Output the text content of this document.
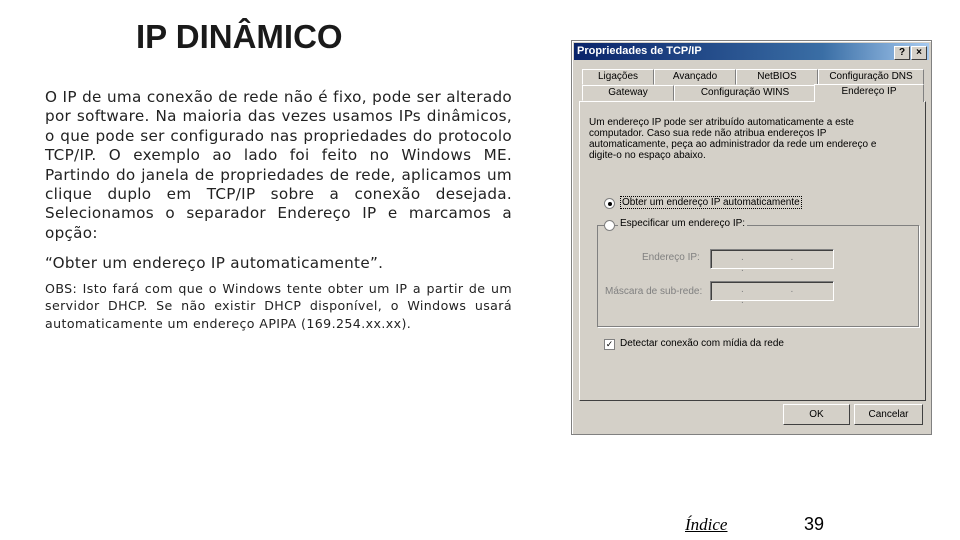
IP DINÂMICO
O IP de uma conexão de rede não é fixo, pode ser alterado por software. Na maioria das vezes usamos IPs dinâmicos, o que pode ser configurado nas propriedades do protocolo TCP/IP. O exemplo ao lado foi feito no Windows ME. Partindo do janela de propriedades de rede, aplicamos um clique duplo em TCP/IP sobre a conexão desejada. Selecionamos o separador Endereço IP e marcamos a opção:
“Obter um endereço IP automaticamente”.
OBS: Isto fará com que o Windows tente obter um IP a partir de um servidor DHCP. Se não existir DHCP disponível, o Windows usará automaticamente um endereço APIPA (169.254.xx.xx).
Índice	39
Propriedades de TCP/IP	?	×
Ligações	Avançado	NetBIOS	Configuração DNS
Gateway	Configuração WINS	Endereço IP
Um endereço IP pode ser atribuído automaticamente a este computador. Caso sua rede não atribua endereços IP automaticamente, peça ao administrador da rede um endereço e digite-o no espaço abaixo.
Obter um endereço IP automaticamente
Especificar um endereço IP:
Endereço IP:	. . .
Máscara de sub-rede:	. . .
✓ Detectar conexão com mídia da rede
OK	Cancelar
